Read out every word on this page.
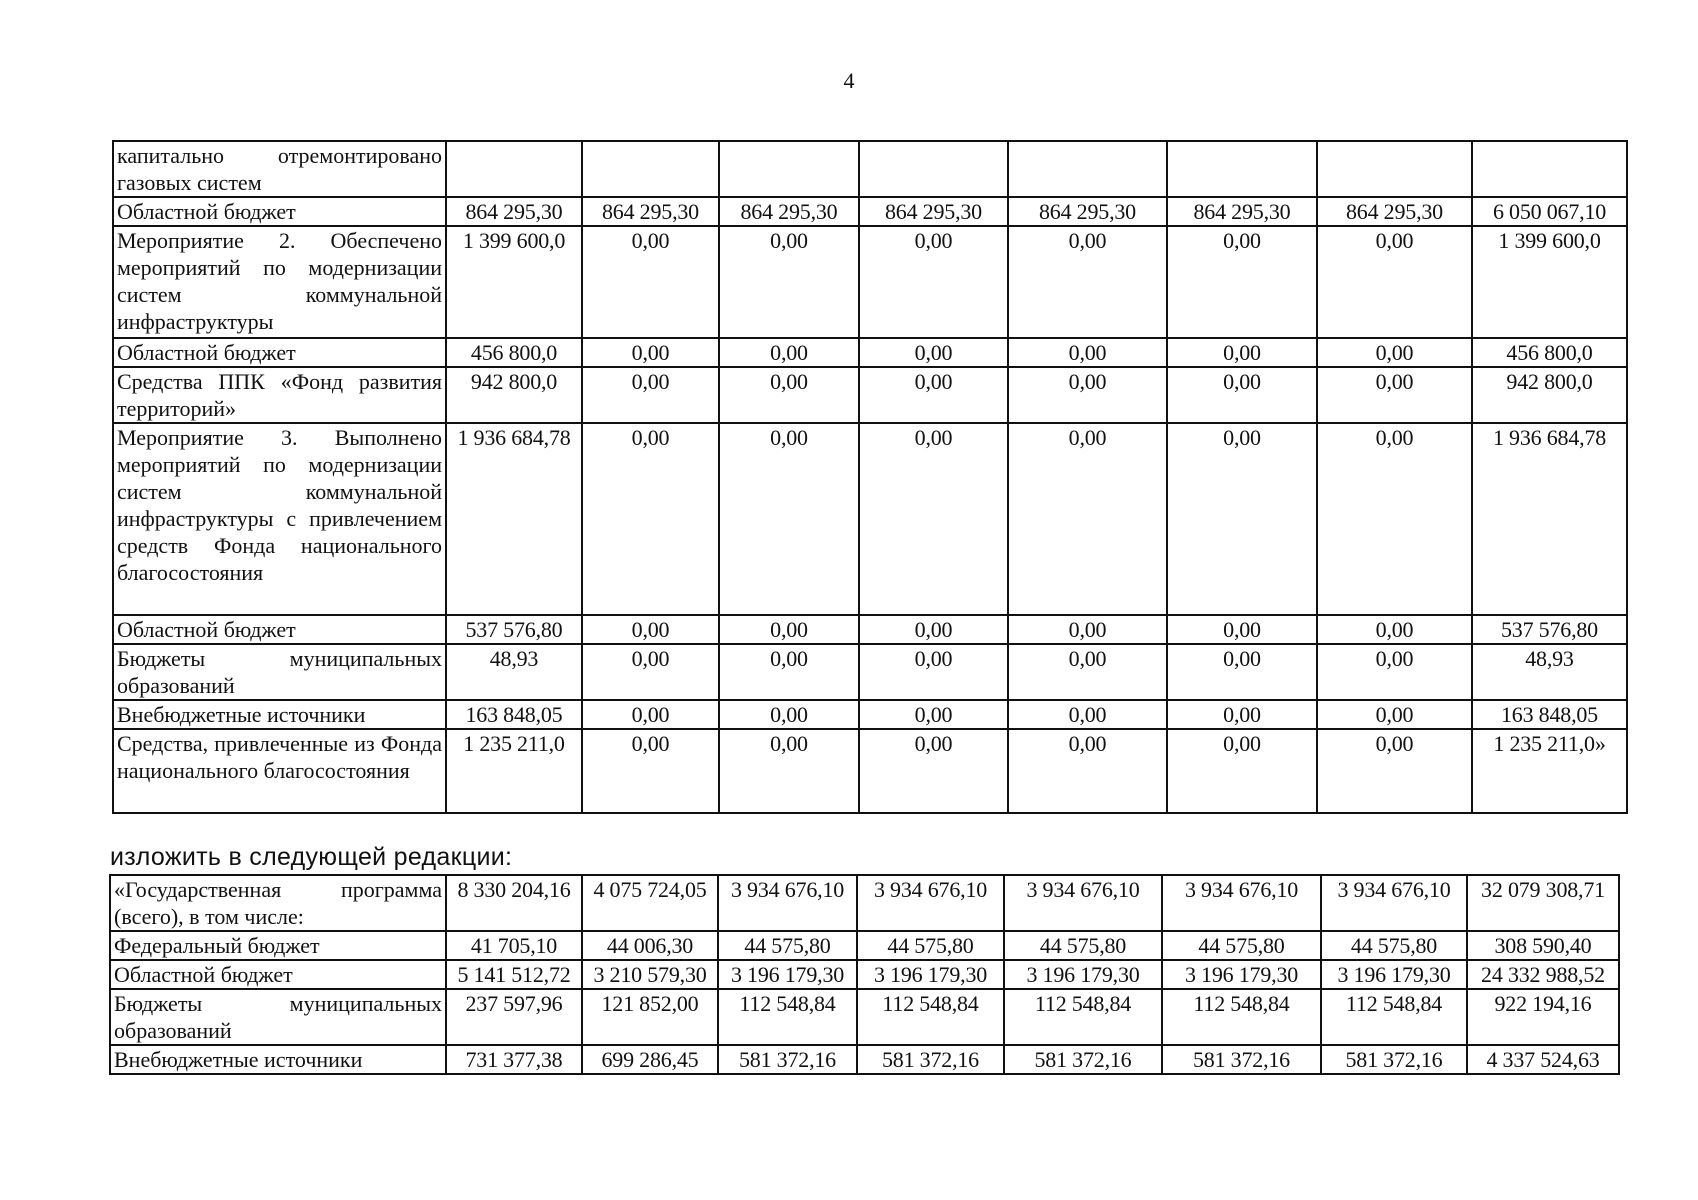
4
капитально отремонтировано газовых систем								
Областной бюджет	864 295,30	864 295,30	864 295,30	864 295,30	864 295,30	864 295,30	864 295,30	6 050 067,10
Мероприятие 2. Обеспечено мероприятий по модернизации систем коммунальной инфраструктуры	1 399 600,0	0,00	0,00	0,00	0,00	0,00	0,00	1 399 600,0
Областной бюджет	456 800,0	0,00	0,00	0,00	0,00	0,00	0,00	456 800,0
Средства ППК «Фонд развития территорий»	942 800,0	0,00	0,00	0,00	0,00	0,00	0,00	942 800,0
Мероприятие 3. Выполнено мероприятий по модернизации систем коммунальной инфраструктуры с привлечением средств Фонда национального благосостояния	1 936 684,78	0,00	0,00	0,00	0,00	0,00	0,00	1 936 684,78
Областной бюджет	537 576,80	0,00	0,00	0,00	0,00	0,00	0,00	537 576,80
Бюджеты муниципальных образований	48,93	0,00	0,00	0,00	0,00	0,00	0,00	48,93
Внебюджетные источники	163 848,05	0,00	0,00	0,00	0,00	0,00	0,00	163 848,05
Средства, привлеченные из Фонда национального благосостояния	1 235 211,0	0,00	0,00	0,00	0,00	0,00	0,00	1 235 211,0»
изложить в следующей редакции:
«Государственная программа (всего), в том числе:	8 330 204,16	4 075 724,05	3 934 676,10	3 934 676,10	3 934 676,10	3 934 676,10	3 934 676,10	32 079 308,71
Федеральный бюджет	41 705,10	44 006,30	44 575,80	44 575,80	44 575,80	44 575,80	44 575,80	308 590,40
Областной бюджет	5 141 512,72	3 210 579,30	3 196 179,30	3 196 179,30	3 196 179,30	3 196 179,30	3 196 179,30	24 332 988,52
Бюджеты муниципальных образований	237 597,96	121 852,00	112 548,84	112 548,84	112 548,84	112 548,84	112 548,84	922 194,16
Внебюджетные источники	731 377,38	699 286,45	581 372,16	581 372,16	581 372,16	581 372,16	581 372,16	4 337 524,63
